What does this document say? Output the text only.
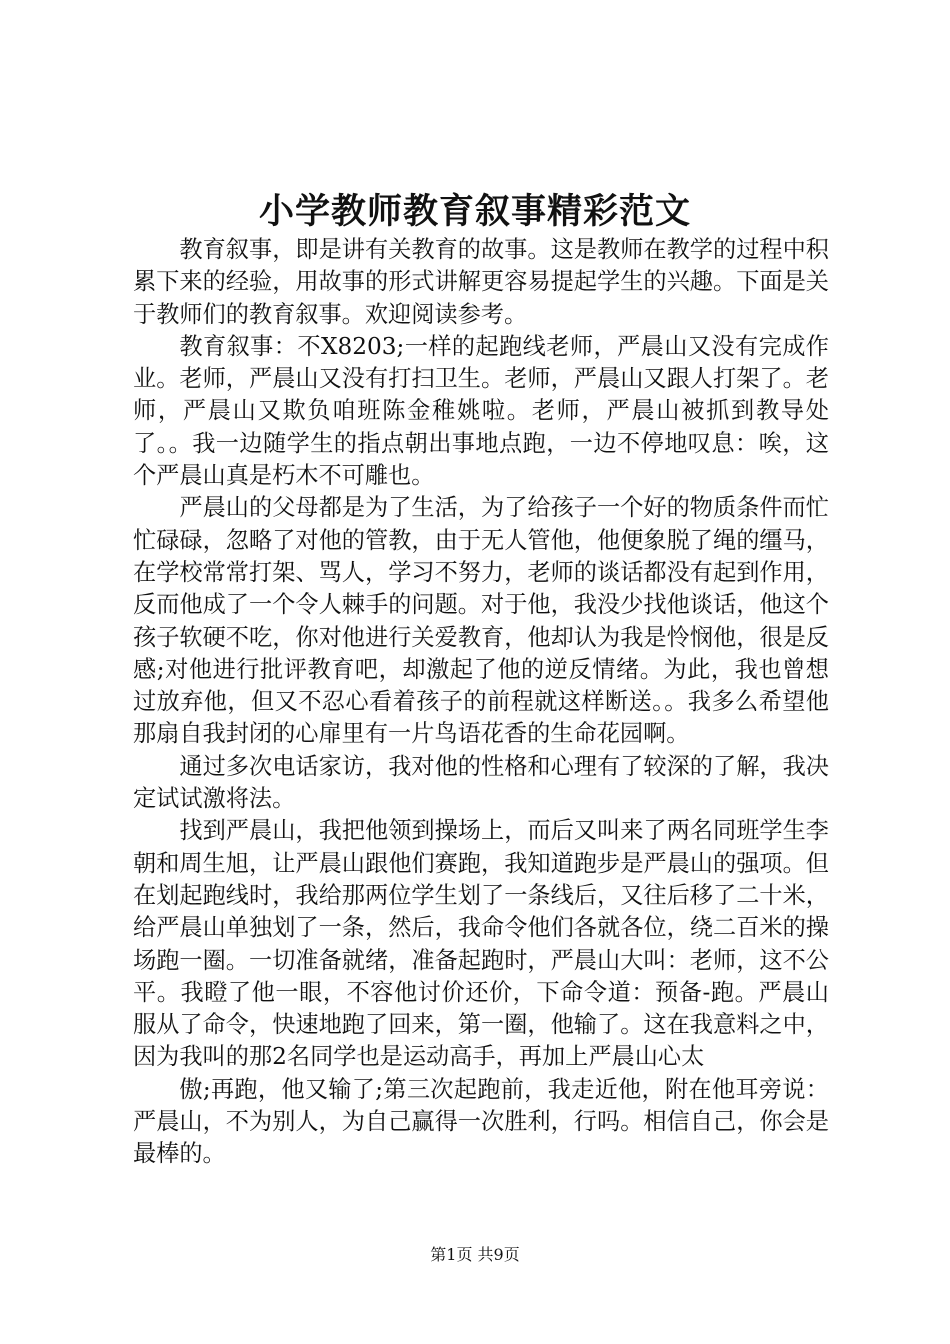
小学教师教育叙事精彩范文

教育叙事，即是讲有关教育的故事。这是教师在教学的过程中积累下来的经验，用故事的形式讲解更容易提起学生的兴趣。下面是关于教师们的教育叙事。欢迎阅读参考。

教育叙事：不X8203;一样的起跑线老师，严晨山又没有完成作业。老师，严晨山又没有打扫卫生。老师，严晨山又跟人打架了。老师，严晨山又欺负咱班陈金稚姚啦。老师，严晨山被抓到教导处了。。我一边随学生的指点朝出事地点跑，一边不停地叹息：唉，这个严晨山真是朽木不可雕也。

严晨山的父母都是为了生活，为了给孩子一个好的物质条件而忙忙碌碌，忽略了对他的管教，由于无人管他，他便象脱了绳的缰马，在学校常常打架、骂人，学习不努力，老师的谈话都没有起到作用，反而他成了一个令人棘手的问题。对于他，我没少找他谈话，他这个孩子软硬不吃，你对他进行关爱教育，他却认为我是怜悯他，很是反感;对他进行批评教育吧，却激起了他的逆反情绪。为此，我也曾想过放弃他，但又不忍心看着孩子的前程就这样断送。。我多么希望他那扇自我封闭的心扉里有一片鸟语花香的生命花园啊。

通过多次电话家访，我对他的性格和心理有了较深的了解，我决定试试激将法。

找到严晨山，我把他领到操场上，而后又叫来了两名同班学生李朝和周生旭，让严晨山跟他们赛跑，我知道跑步是严晨山的强项。但在划起跑线时，我给那两位学生划了一条线后，又往后移了二十米，给严晨山单独划了一条，然后，我命令他们各就各位，绕二百米的操场跑一圈。一切准备就绪，准备起跑时，严晨山大叫：老师，这不公平。我瞪了他一眼，不容他讨价还价，下命令道：预备-跑。严晨山服从了命令，快速地跑了回来，第一圈，他输了。这在我意料之中，因为我叫的那2名同学也是运动高手，再加上严晨山心太

傲;再跑，他又输了;第三次起跑前，我走近他，附在他耳旁说：严晨山，不为别人，为自己赢得一次胜利，行吗。相信自己，你会是最棒的。

第1页 共9页
